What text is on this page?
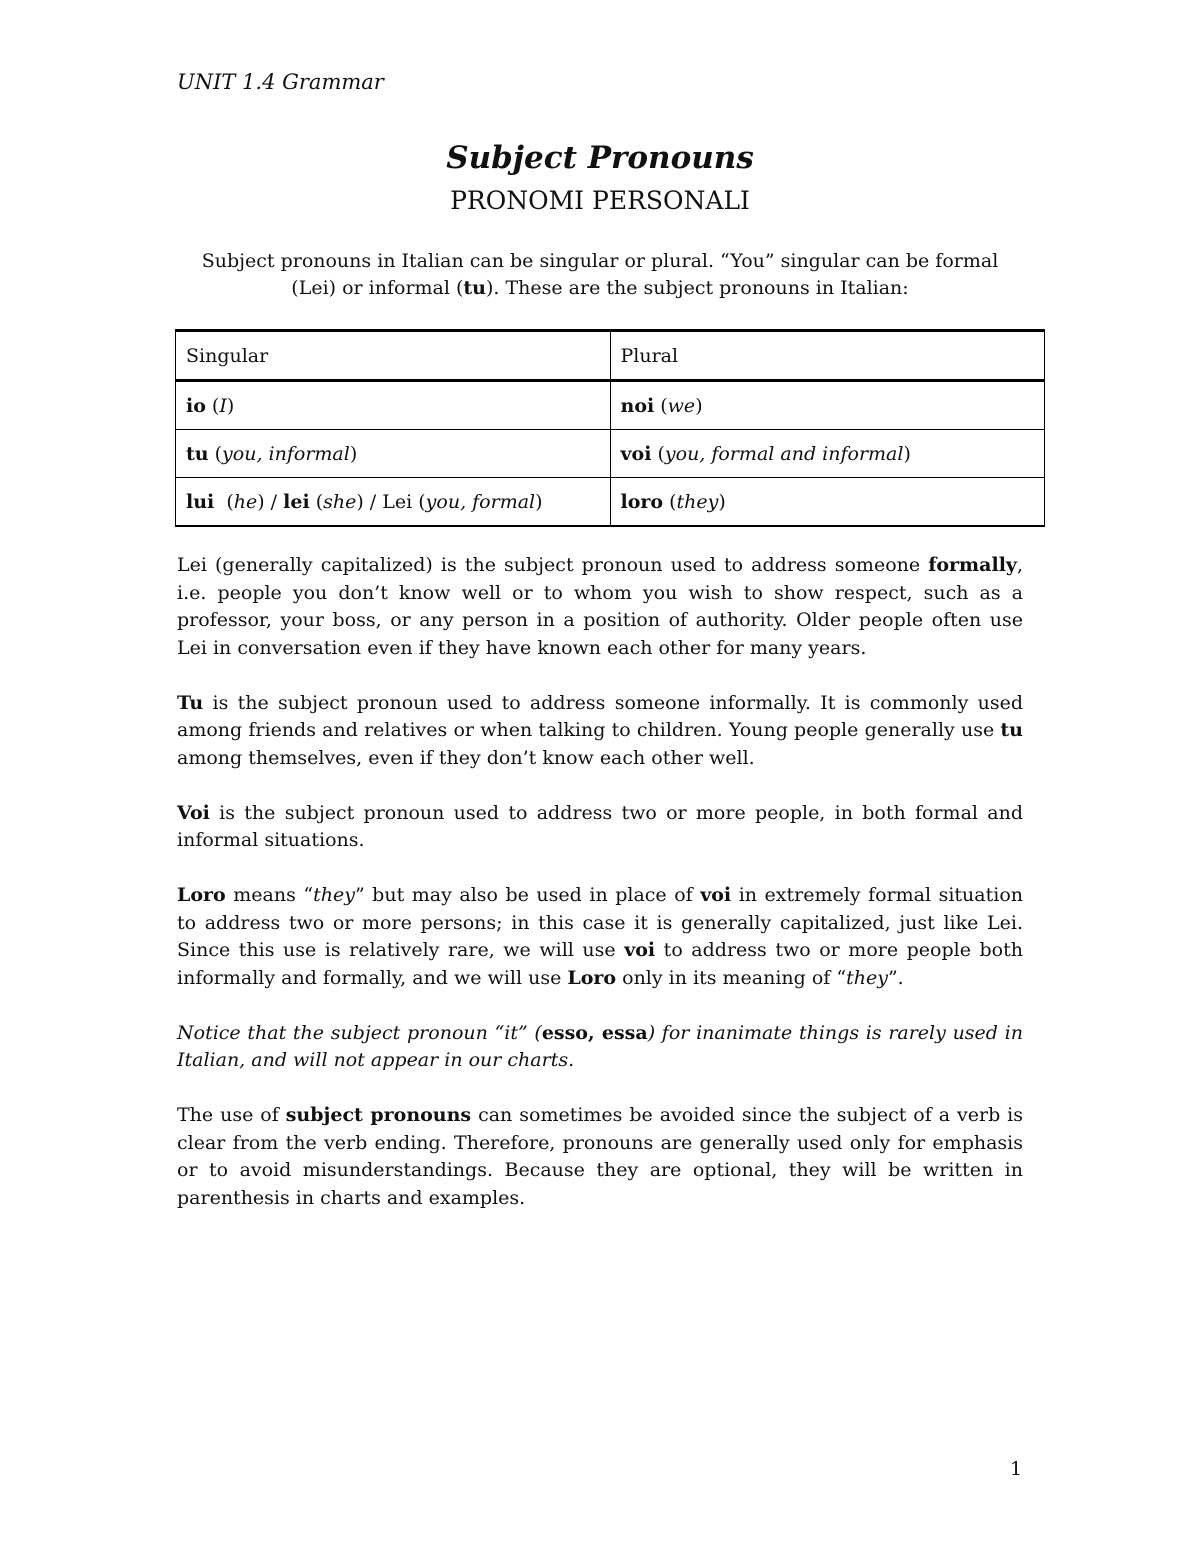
UNIT 1.4 Grammar
Subject Pronouns
PRONOMI PERSONALI
Subject pronouns in Italian can be singular or plural. “You” singular can be formal
(Lei) or informal (tu). These are the subject pronouns in Italian:
Singular	Plural
io (I)	noi (we)
tu (you, informal)	voi (you, formal and informal)
lui  (he) / lei (she) / Lei (you, formal)	loro (they)

Lei (generally capitalized) is the subject pronoun used to address someone formally, i.e. people you don’t know well or to whom you wish to show respect, such as a professor, your boss, or any person in a position of authority. Older people often use Lei in conversation even if they have known each other for many years.

Tu is the subject pronoun used to address someone informally. It is commonly used among friends and relatives or when talking to children. Young people generally use tu among themselves, even if they don’t know each other well.

Voi is the subject pronoun used to address two or more people, in both formal and informal situations.

Loro means “they” but may also be used in place of voi in extremely formal situation to address two or more persons; in this case it is generally capitalized, just like Lei. Since this use is relatively rare, we will use voi to address two or more people both informally and formally, and we will use Loro only in its meaning of “they”.

Notice that the subject pronoun “it” (esso, essa) for inanimate things is rarely used in Italian, and will not appear in our charts.

The use of subject pronouns can sometimes be avoided since the subject of a verb is clear from the verb ending. Therefore, pronouns are generally used only for emphasis or to avoid misunderstandings. Because they are optional, they will be written in parenthesis in charts and examples.

1
